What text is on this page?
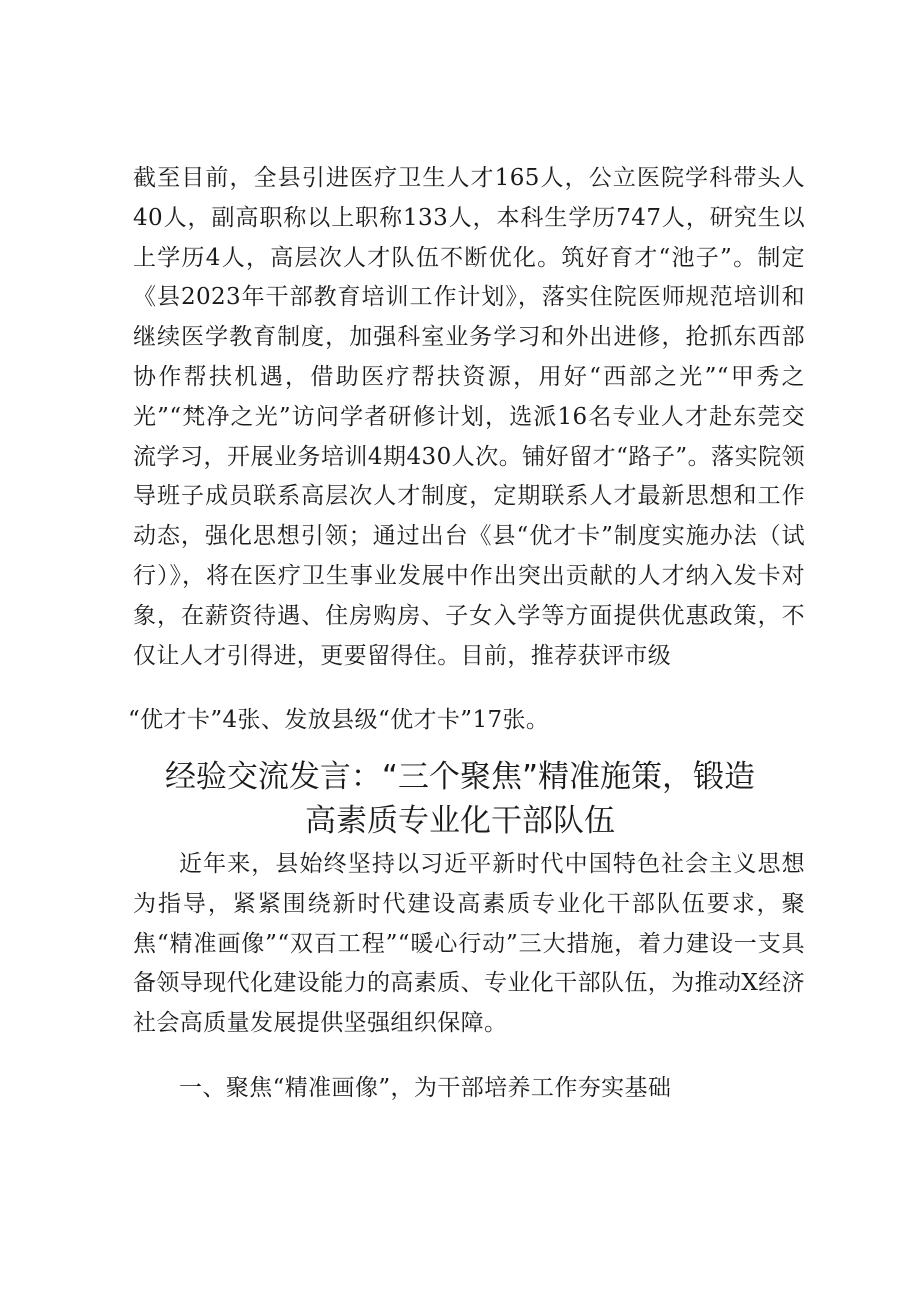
截至目前，全县引进医疗卫生人才165人，公立医院学科带头人40人，副高职称以上职称133人，本科生学历747人，研究生以上学历4人，高层次人才队伍不断优化。筑好育才“池子”。制定《县2023年干部教育培训工作计划》，落实住院医师规范培训和继续医学教育制度，加强科室业务学习和外出进修，抢抓东西部协作帮扶机遇，借助医疗帮扶资源，用好“西部之光”“甲秀之光”“梵净之光”访问学者研修计划，选派16名专业人才赴东莞交流学习，开展业务培训4期430人次。铺好留才“路子”。落实院领导班子成员联系高层次人才制度，定期联系人才最新思想和工作动态，强化思想引领；通过出台《县“优才卡”制度实施办法（试行）》，将在医疗卫生事业发展中作出突出贡献的人才纳入发卡对象，在薪资待遇、住房购房、子女入学等方面提供优惠政策，不仅让人才引得进，更要留得住。目前，推荐获评市级

“优才卡”4张、发放县级“优才卡”17张。

经验交流发言：“三个聚焦”精准施策，锻造
高素质专业化干部队伍

近年来，县始终坚持以习近平新时代中国特色社会主义思想为指导，紧紧围绕新时代建设高素质专业化干部队伍要求，聚焦“精准画像”“双百工程”“暖心行动”三大措施，着力建设一支具备领导现代化建设能力的高素质、专业化干部队伍，为推动X经济社会高质量发展提供坚强组织保障。

一、聚焦“精准画像”，为干部培养工作夯实基础
